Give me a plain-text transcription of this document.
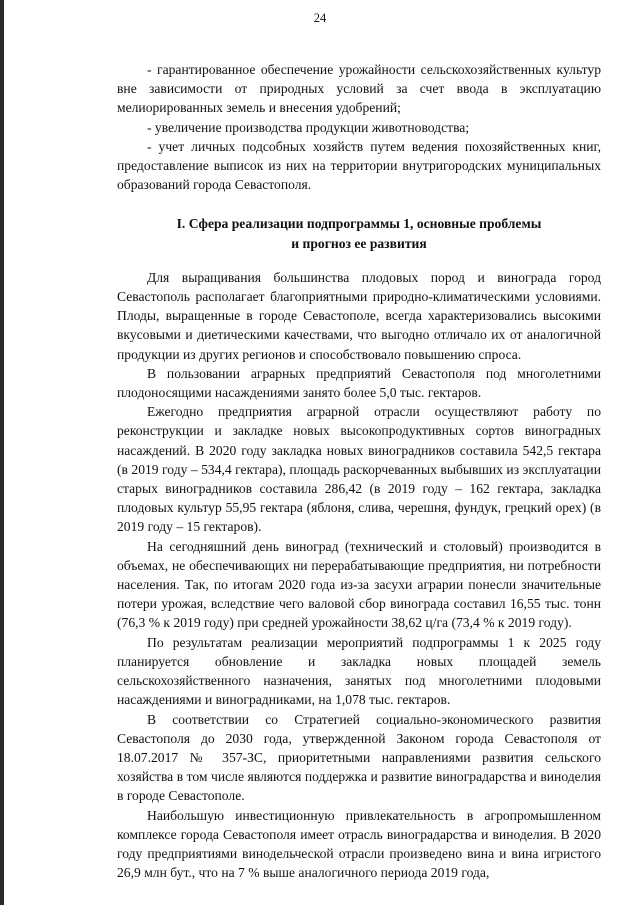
24

- гарантированное обеспечение урожайности сельскохозяйственных культур вне зависимости от природных условий за счет ввода в эксплуатацию мелиорированных земель и внесения удобрений;

- увеличение производства продукции животноводства;

- учет личных подсобных хозяйств путем ведения похозяйственных книг, предоставление выписок из них на территории внутригородских муниципальных образований города Севастополя.

I. Сфера реализации подпрограммы 1, основные проблемы
и прогноз ее развития

Для выращивания большинства плодовых пород и винограда город Севастополь располагает благоприятными природно-климатическими условиями. Плоды, выращенные в городе Севастополе, всегда характеризовались высокими вкусовыми и диетическими качествами, что выгодно отличало их от аналогичной продукции из других регионов и способствовало повышению спроса.

В пользовании аграрных предприятий Севастополя под многолетними плодоносящими насаждениями занято более 5,0 тыс. гектаров.

Ежегодно предприятия аграрной отрасли осуществляют работу по реконструкции и закладке новых высокопродуктивных сортов виноградных насаждений. В 2020 году закладка новых виноградников составила 542,5 гектара (в 2019 году – 534,4 гектара), площадь раскорчеванных выбывших из эксплуатации старых виноградников составила 286,42 (в 2019 году – 162 гектара, закладка плодовых культур 55,95 гектара (яблоня, слива, черешня, фундук, грецкий орех) (в 2019 году – 15 гектаров).

На сегодняшний день виноград (технический и столовый) производится в объемах, не обеспечивающих ни перерабатывающие предприятия, ни потребности населения. Так, по итогам 2020 года из-за засухи аграрии понесли значительные потери урожая, вследствие чего валовой сбор винограда составил 16,55 тыс. тонн (76,3 % к 2019 году) при средней урожайности 38,62 ц/га (73,4 % к 2019 году).

По результатам реализации мероприятий подпрограммы 1 к 2025 году планируется обновление и закладка новых площадей земель сельскохозяйственного назначения, занятых под многолетними плодовыми насаждениями и виноградниками, на 1,078 тыс. гектаров.

В соответствии со Стратегией социально-экономического развития Севастополя до 2030 года, утвержденной Законом города Севастополя от 18.07.2017 № 357-ЗС, приоритетными направлениями развития сельского хозяйства в том числе являются поддержка и развитие виноградарства и виноделия в городе Севастополе.

Наибольшую инвестиционную привлекательность в агропромышленном комплексе города Севастополя имеет отрасль виноградарства и виноделия. В 2020 году предприятиями винодельческой отрасли произведено вина и вина игристого 26,9 млн бут., что на 7 % выше аналогичного периода 2019 года,
